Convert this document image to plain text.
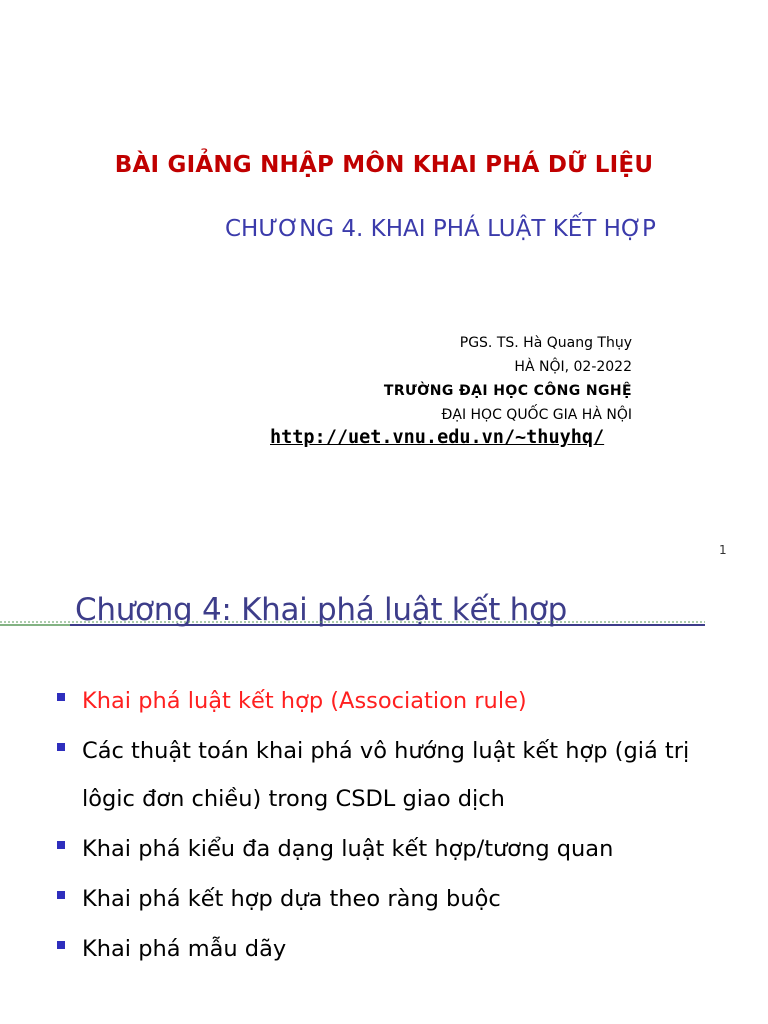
BÀI GIẢNG NHẬP MÔN KHAI PHÁ DỮ LIỆU
CHƯƠNG 4. KHAI PHÁ LUẬT KẾT HỢP
PGS. TS. Hà Quang Thụy
HÀ NỘI, 02-2022
TRƯỜNG ĐẠI HỌC CÔNG NGHỆ
ĐẠI HỌC QUỐC GIA HÀ NỘI
http://uet.vnu.edu.vn/~thuyhq/
1
Chương 4: Khai phá luật kết hợp
Khai phá luật kết hợp (Association rule)
Các thuật toán khai phá vô hướng luật kết hợp (giá trị lôgic đơn chiều) trong CSDL giao dịch
Khai phá kiểu đa dạng luật kết hợp/tương quan
Khai phá kết hợp dựa theo ràng buộc
Khai phá mẫu dãy
